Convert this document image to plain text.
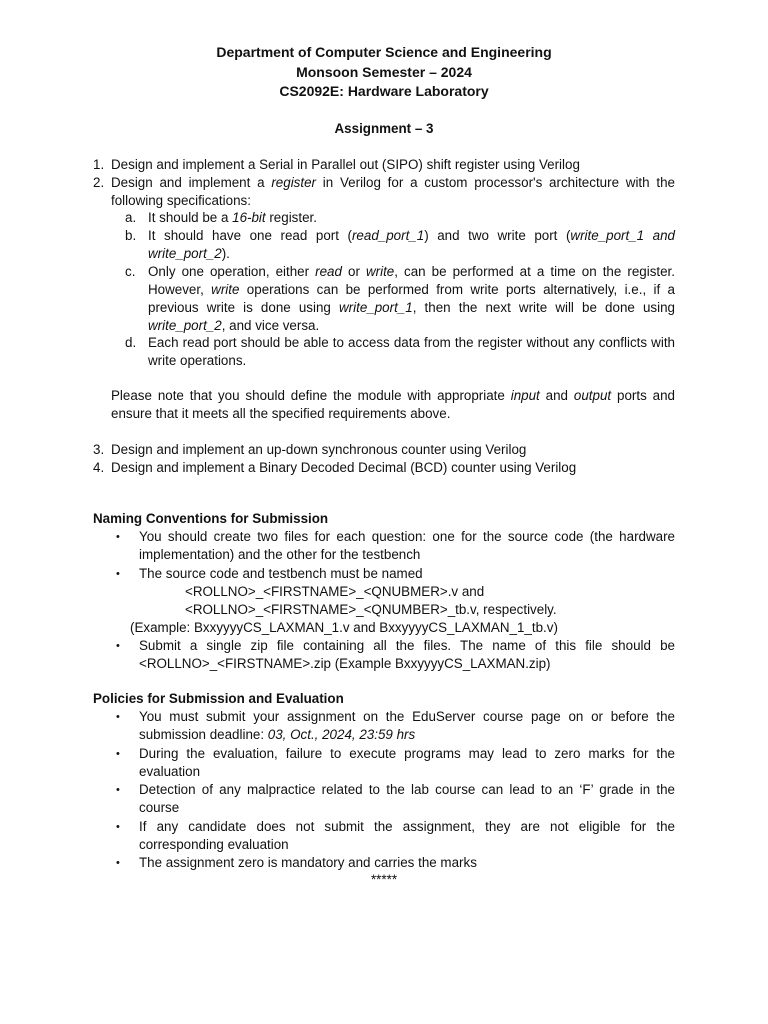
Department of Computer Science and Engineering
Monsoon Semester – 2024
CS2092E: Hardware Laboratory
Assignment – 3
1. Design and implement a Serial in Parallel out (SIPO) shift register using Verilog
2. Design and implement a register in Verilog for a custom processor's architecture with the following specifications:
a. It should be a 16-bit register.
b. It should have one read port (read_port_1) and two write port (write_port_1 and write_port_2).
c. Only one operation, either read or write, can be performed at a time on the register. However, write operations can be performed from write ports alternatively, i.e., if a previous write is done using write_port_1, then the next write will be done using write_port_2, and vice versa.
d. Each read port should be able to access data from the register without any conflicts with write operations.
Please note that you should define the module with appropriate input and output ports and ensure that it meets all the specified requirements above.
3. Design and implement an up-down synchronous counter using Verilog
4. Design and implement a Binary Decoded Decimal (BCD) counter using Verilog
Naming Conventions for Submission
• You should create two files for each question: one for the source code (the hardware implementation) and the other for the testbench
• The source code and testbench must be named
<ROLLNO>_<FIRSTNAME>_<QNUBMER>.v and
<ROLLNO>_<FIRSTNAME>_<QNUMBER>_tb.v, respectively.
(Example: BxxyyyyCS_LAXMAN_1.v and BxxyyyyCS_LAXMAN_1_tb.v)
• Submit a single zip file containing all the files. The name of this file should be <ROLLNO>_<FIRSTNAME>.zip (Example BxxyyyyCS_LAXMAN.zip)
Policies for Submission and Evaluation
• You must submit your assignment on the EduServer course page on or before the submission deadline: 03, Oct., 2024, 23:59 hrs
• During the evaluation, failure to execute programs may lead to zero marks for the evaluation
• Detection of any malpractice related to the lab course can lead to an ‘F’ grade in the course
• If any candidate does not submit the assignment, they are not eligible for the corresponding evaluation
• The assignment zero is mandatory and carries the marks
*****
